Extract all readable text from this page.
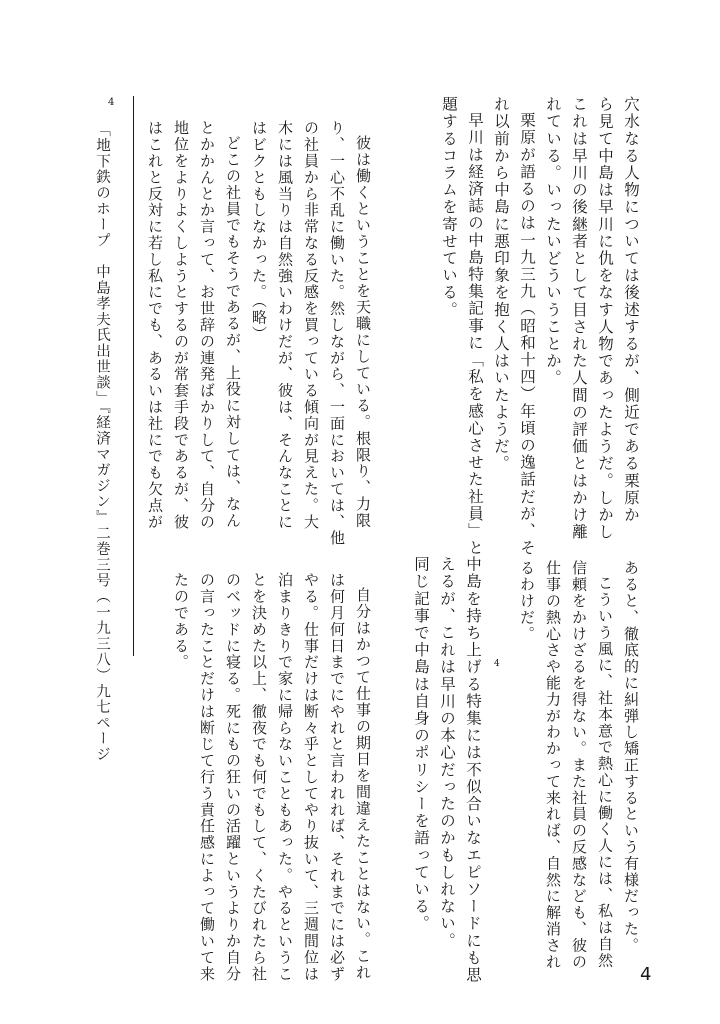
穴水なる人物については後述するが、側近である栗原か
ら見て中島は早川に仇をなす人物であったようだ。しかし
これは早川の後継者として目された人間の評価とはかけ離
れている。いったいどういうことか。
栗原が語るのは一九三九（昭和十四）年頃の逸話だが、そ
れ以前から中島に悪印象を抱く人はいたようだ。
早川は経済誌の中島特集記事に「私を感心させた社員」と
題するコラムを寄せている。
彼は働くということを天職にしている。根限り、力限
り、一心不乱に働いた。然しながら、一面においては、他
の社員から非常なる反感を買っている傾向が見えた。大
木には風当りは自然強いわけだが、彼は、そんなことに
はビクともしなかった。（略）
どこの社員でもそうであるが、上役に対しては、なん
とかかんとか言って、お世辞の連発ばかりして、自分の
地位をよりよくしようとするのが常套手段であるが、彼
はこれと反対に若し私にでも、あるいは社にでも欠点が
あると、徹底的に糾弾し矯正するという有様だった。
こういう風に、社本意で熱心に働く人には、私は自然
信頼をかけざるを得ない。また社員の反感なども、彼の
仕事の熱心さや能力がわかって来れば、自然に解消され
るわけだ。
4
中島を持ち上げる特集には不似合いなエピソードにも思
えるが、これは早川の本心だったのかもしれない。
同じ記事で中島は自身のポリシーを語っている。
自分はかつて仕事の期日を間違えたことはない。これ
は何月何日までにやれと言われれば、それまでには必ず
やる。仕事だけは断々乎としてやり抜いて、三週間位は
泊まりきりで家に帰らないこともあった。やるというこ
とを決めた以上、徹夜でも何でもして、くたびれたら社
のベッドに寝る。死にもの狂いの活躍というよりか自分
の言ったことだけは断じて行う責任感によって働いて来
たのである。
4
「地下鉄のホープ　中島孝夫氏出世談」『経済マガジン』二巻三号（一九三八）九七ページ
4
